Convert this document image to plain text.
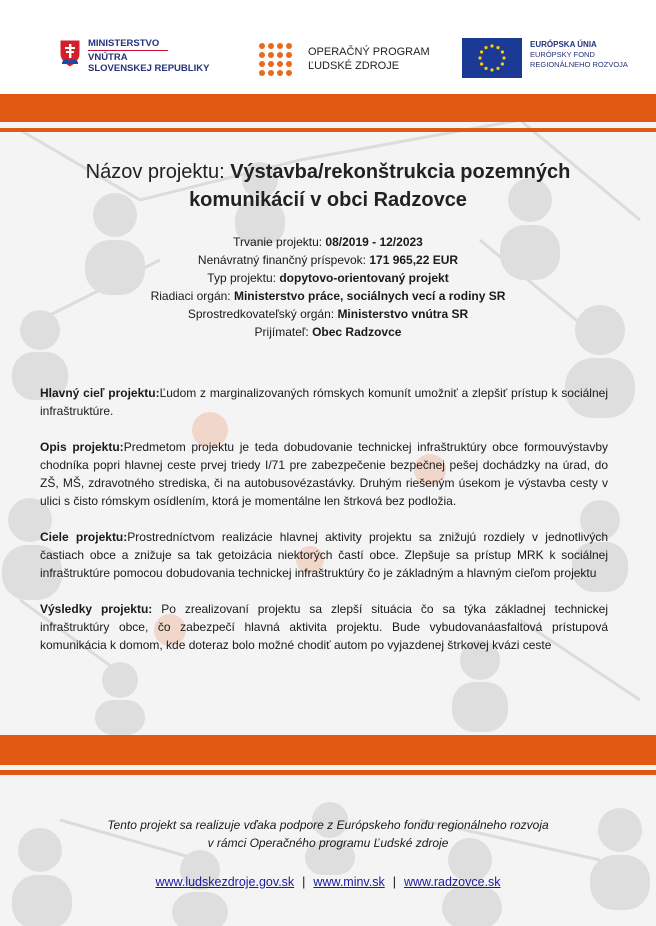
MINISTERSTVO
VNÚTRA
SLOVENSKEJ REPUBLIKY
OPERAČNÝ PROGRAM
ĽUDSKÉ ZDROJE
EURÓPSKA ÚNIA
EURÓPSKY FOND
REGIONÁLNEHO ROZVOJA
Názov projektu: Výstavba/rekonštrukcia pozemných
komunikácií v obci Radzovce
Trvanie projektu: 08/2019 - 12/2023
Nenávratný finančný príspevok: 171 965,22 EUR
Typ projektu: dopytovo-orientovaný projekt
Riadiaci orgán: Ministerstvo práce, sociálnych vecí a rodiny SR
Sprostredkovateľský orgán: Ministerstvo vnútra SR
Prijímateľ: Obec Radzovce

Hlavný cieľ projektu:Ľudom z marginalizovaných rómskych komunít umožniť a zlepšiť prístup k sociálnej infraštruktúre.

Opis projektu:Predmetom projektu je teda dobudovanie technickej infraštruktúry obce formouvýstavby chodníka popri hlavnej ceste prvej triedy I/71 pre zabezpečenie bezpečnej pešej dochádzky na úrad, do ZŠ, MŠ, zdravotného strediska, či na autobusovézastávky. Druhým riešeným úsekom je výstavba cesty v ulici s čisto rómskym osídlením, ktorá je momentálne len štrková bez podložia.

Ciele projektu:Prostredníctvom realizácie hlavnej aktivity projektu sa znižujú rozdiely v jednotlivých častiach obce a znižuje sa tak getoizácia niektorých častí obce. Zlepšuje sa prístup MRK k sociálnej infraštruktúre pomocou dobudovania technickej infraštruktúry čo je základným a hlavným cieľom projektu

Výsledky projektu: Po zrealizovaní projektu sa zlepší situácia čo sa týka základnej technickej infraštruktúry obce, čo zabezpečí hlavná aktivita projektu. Bude vybudovanáasfaltová prístupová komunikácia k domom, kde doteraz bolo možné chodiť autom po vyjazdenej štrkovej kvázi ceste

Tento projekt sa realizuje vďaka podpore z Európskeho fondu regionálneho rozvoja
v rámci Operačného programu Ľudské zdroje
www.ludskezdroje.gov.sk | www.minv.sk | www.radzovce.sk
